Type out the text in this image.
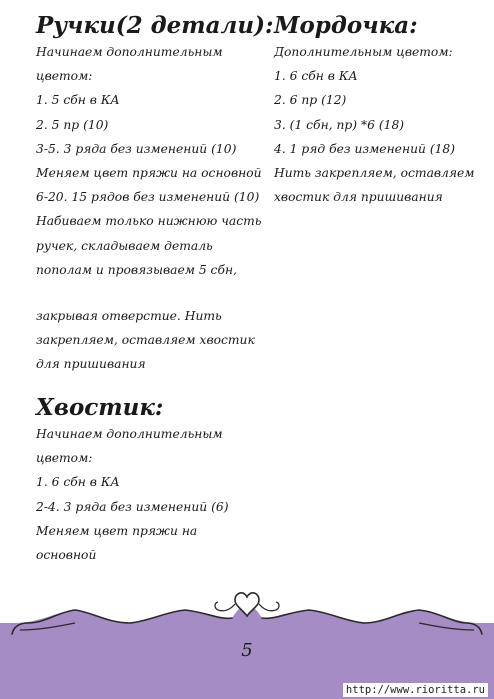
Ручки(2 детали):
Начинаем дополнительным
цветом:
1. 5 сбн в КА
2. 5 пр (10)
3-5. 3 ряда без изменений (10)
Меняем цвет пряжи на основной
6-20. 15 рядов без изменений (10)
Набиваем только нижнюю часть
ручек, складываем деталь
пополам и провязываем 5 сбн,
закрывая отверстие. Нить
закрепляем, оставляем хвостик
для пришивания
Мордочка:
Дополнительным цветом:
1. 6 сбн в КА
2. 6 пр (12)
3. (1 сбн, пр) *6 (18)
4. 1 ряд без изменений (18)
Нить закрепляем, оставляем
хвостик для пришивания
Хвостик:
Начинаем дополнительным
цветом:
1. 6 сбн в КА
2-4. 3 ряда без изменений (6)
Меняем цвет пряжи на
основной
5
http://www.rioritta.ru
